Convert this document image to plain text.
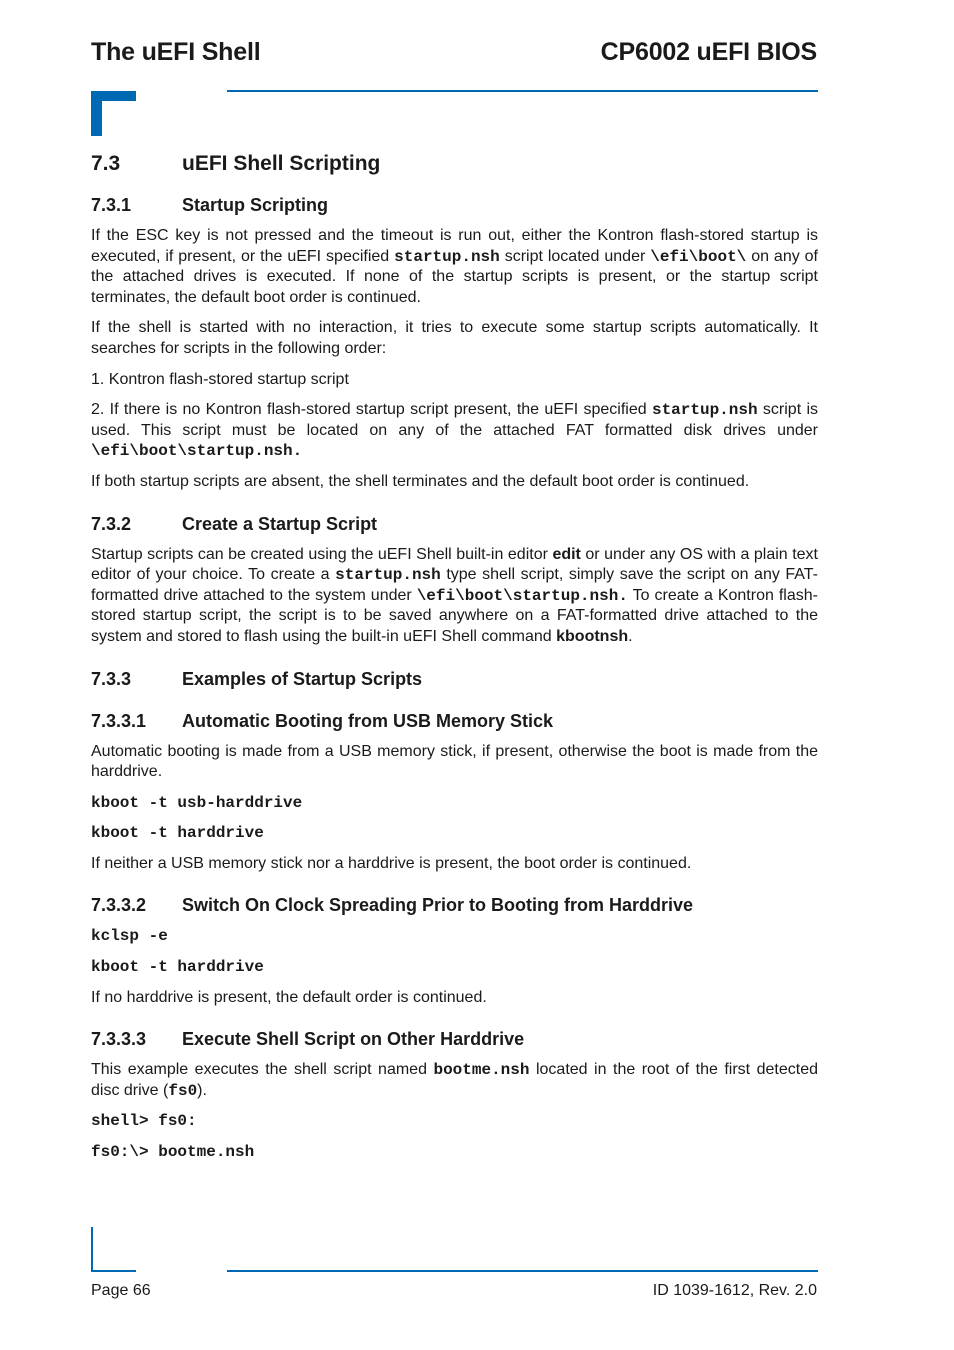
The uEFI Shell	CP6002 uEFI BIOS
7.3	uEFI Shell Scripting
7.3.1	Startup Scripting

If the ESC key is not pressed and the timeout is run out, either the Kontron flash-stored startup is executed, if present, or the uEFI specified startup.nsh script located under \efi\boot\ on any of the attached drives is executed. If none of the startup scripts is present, or the startup script terminates, the default boot order is continued.

If the shell is started with no interaction, it tries to execute some startup scripts automatically. It searches for scripts in the following order:

1. Kontron flash-stored startup script

2. If there is no Kontron flash-stored startup script present, the uEFI specified startup.nsh script is used. This script must be located on any of the attached FAT formatted disk drives under \efi\boot\startup.nsh.

If both startup scripts are absent, the shell terminates and the default boot order is continued.

7.3.2	Create a Startup Script

Startup scripts can be created using the uEFI Shell built-in editor edit or under any OS with a plain text editor of your choice. To create a startup.nsh type shell script, simply save the script on any FAT-formatted drive attached to the system under \efi\boot\startup.nsh. To create a Kontron flash-stored startup script, the script is to be saved anywhere on a FAT-formatted drive attached to the system and stored to flash using the built-in uEFI Shell command kbootnsh.

7.3.3	Examples of Startup Scripts
7.3.3.1	Automatic Booting from USB Memory Stick

Automatic booting is made from a USB memory stick, if present, otherwise the boot is made from the harddrive.

kboot -t usb-harddrive

kboot -t harddrive

If neither a USB memory stick nor a harddrive is present, the boot order is continued.

7.3.3.2	Switch On Clock Spreading Prior to Booting from Harddrive

kclsp -e

kboot -t harddrive

If no harddrive is present, the default order is continued.

7.3.3.3	Execute Shell Script on Other Harddrive

This example executes the shell script named bootme.nsh located in the root of the first detected disc drive (fs0).

shell> fs0:

fs0:\> bootme.nsh

Page 66	ID 1039-1612, Rev. 2.0
